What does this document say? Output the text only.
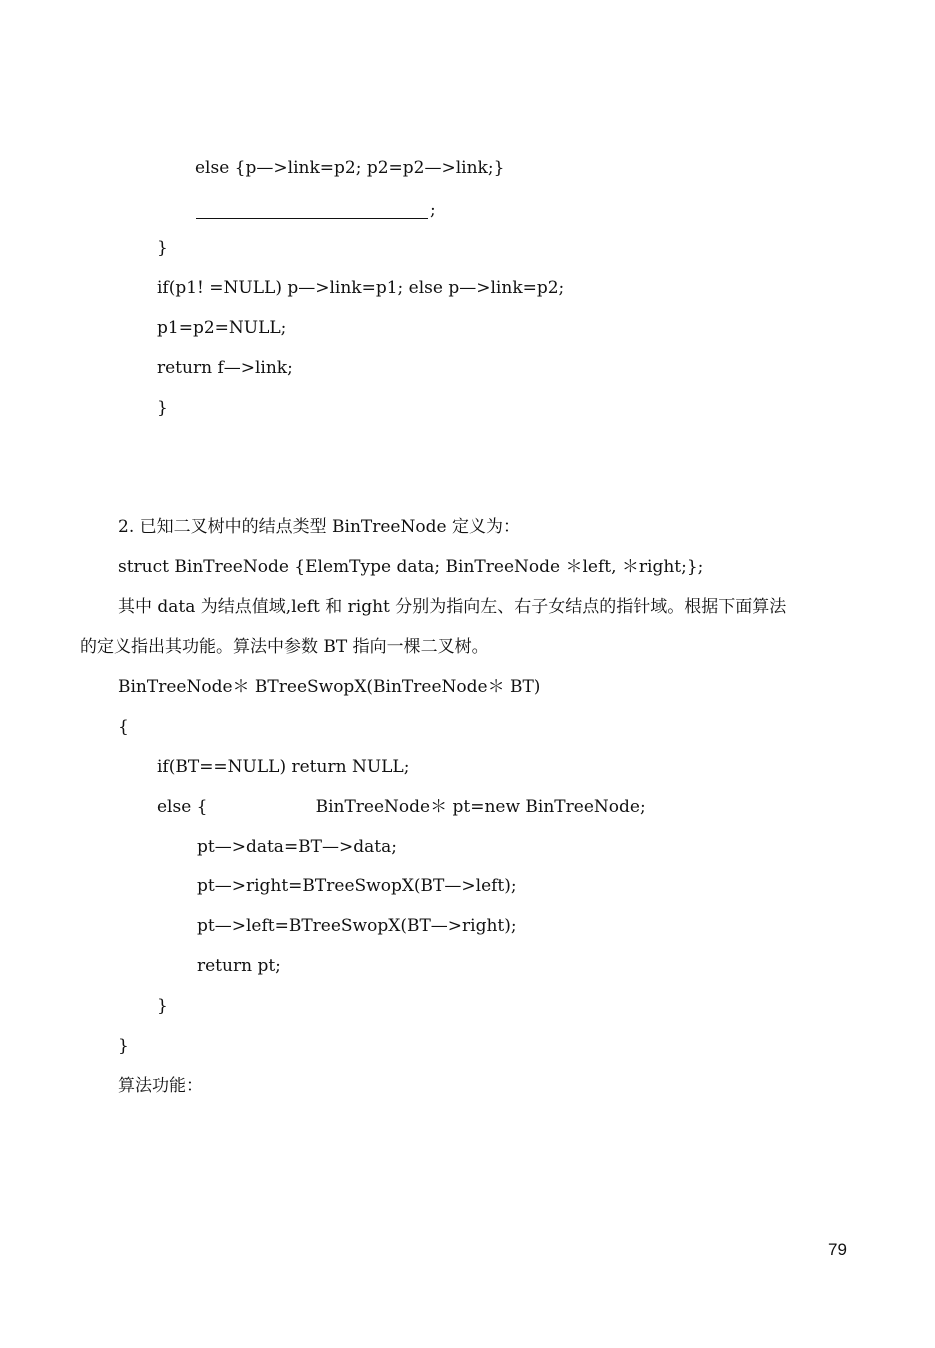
else {p—>link=p2; p2=p2—>link;}
;
}
if(p1! =NULL) p—>link=p1; else p—>link=p2;
p1=p2=NULL;
return f—>link;
}
2. 已知二叉树中的结点类型 BinTreeNode 定义为：
struct BinTreeNode {ElemType data; BinTreeNode ＊left, ＊right;};
其中 data 为结点值域,left 和 right 分别为指向左、右子女结点的指针域。根据下面算法
的定义指出其功能。算法中参数 BT 指向一棵二叉树。
BinTreeNode＊ BTreeSwopX(BinTreeNode＊ BT)
{
if(BT==NULL) return NULL;
else {                    BinTreeNode＊ pt=new BinTreeNode;
pt—>data=BT—>data;
pt—>right=BTreeSwopX(BT—>left);
pt—>left=BTreeSwopX(BT—>right);
return pt;
}
}
算法功能：
79
